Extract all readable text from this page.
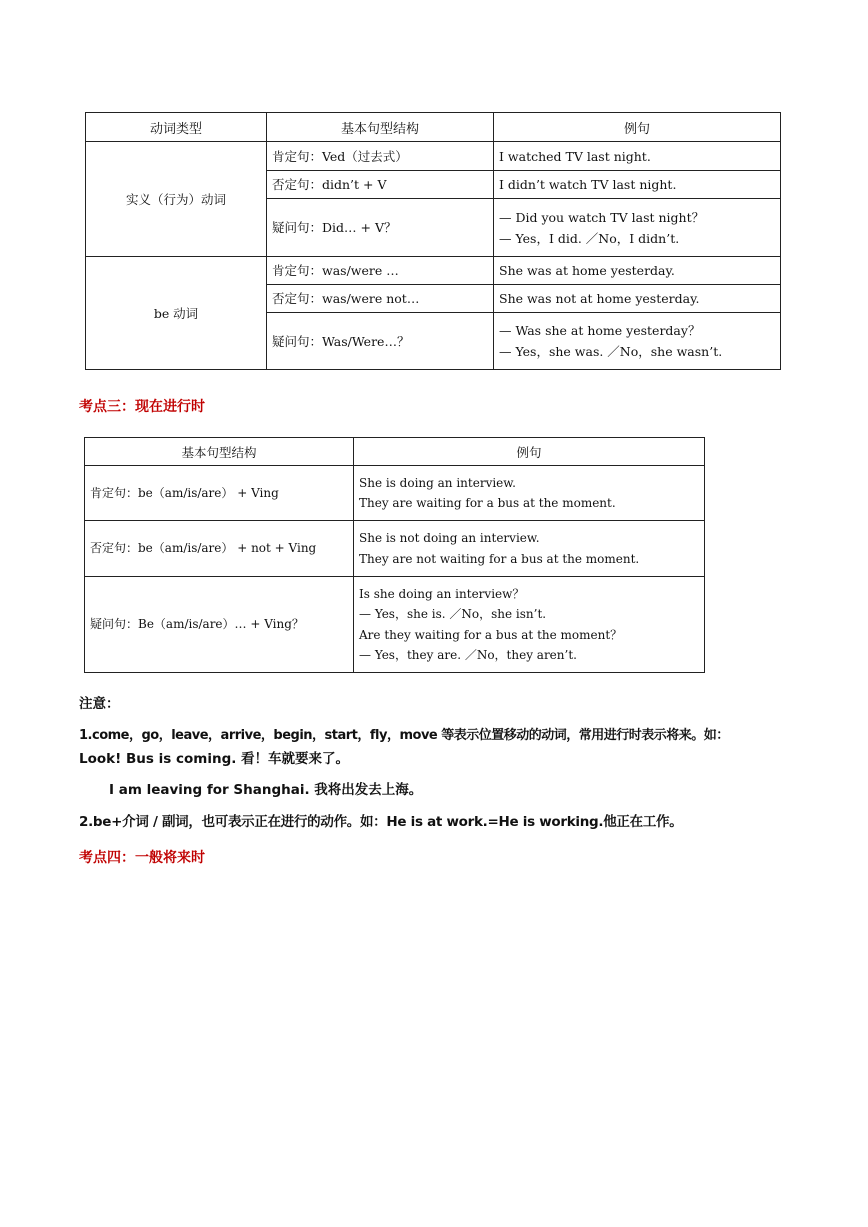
动词类型	基本句型结构	例句
实义（行为）动词	肯定句：Ved（过去式）	I watched TV last night.

	否定句：didn’t + V	I didn’t watch TV last night.

	疑问句：Did… + V？	— Did you watch TV last night？
— Yes，I did. ／No，I didn’t.

be 动词	肯定句：was/were …	She was at home yesterday.

	否定句：was/were not…	She was not at home yesterday.

	疑问句：Was/Were…？	— Was she at home yesterday？
— Yes，she was. ／No，she wasn’t.
考点三：现在进行时
基本句型结构	例句
肯定句：be（am/is/are） + Ving	She is doing an interview.
They are waiting for a bus at the moment.

否定句：be（am/is/are） + not + Ving	She is not doing an interview.
They are not waiting for a bus at the moment.

疑问句：Be（am/is/are）… + Ving？	Is she doing an interview？
— Yes，she is. ／No，she isn’t.
Are they waiting for a bus at the moment？
— Yes，they are. ／No，they aren’t.
注意：
1.come，go，leave，arrive，begin，start，fly，move 等表示位置移动的动词，常用进行时表示将来。如：
Look! Bus is coming. 看！车就要来了。
I am leaving for Shanghai. 我将出发去上海。
2.be+介词 / 副词，也可表示正在进行的动作。如：He is at work.=He is working.他正在工作。
考点四：一般将来时
